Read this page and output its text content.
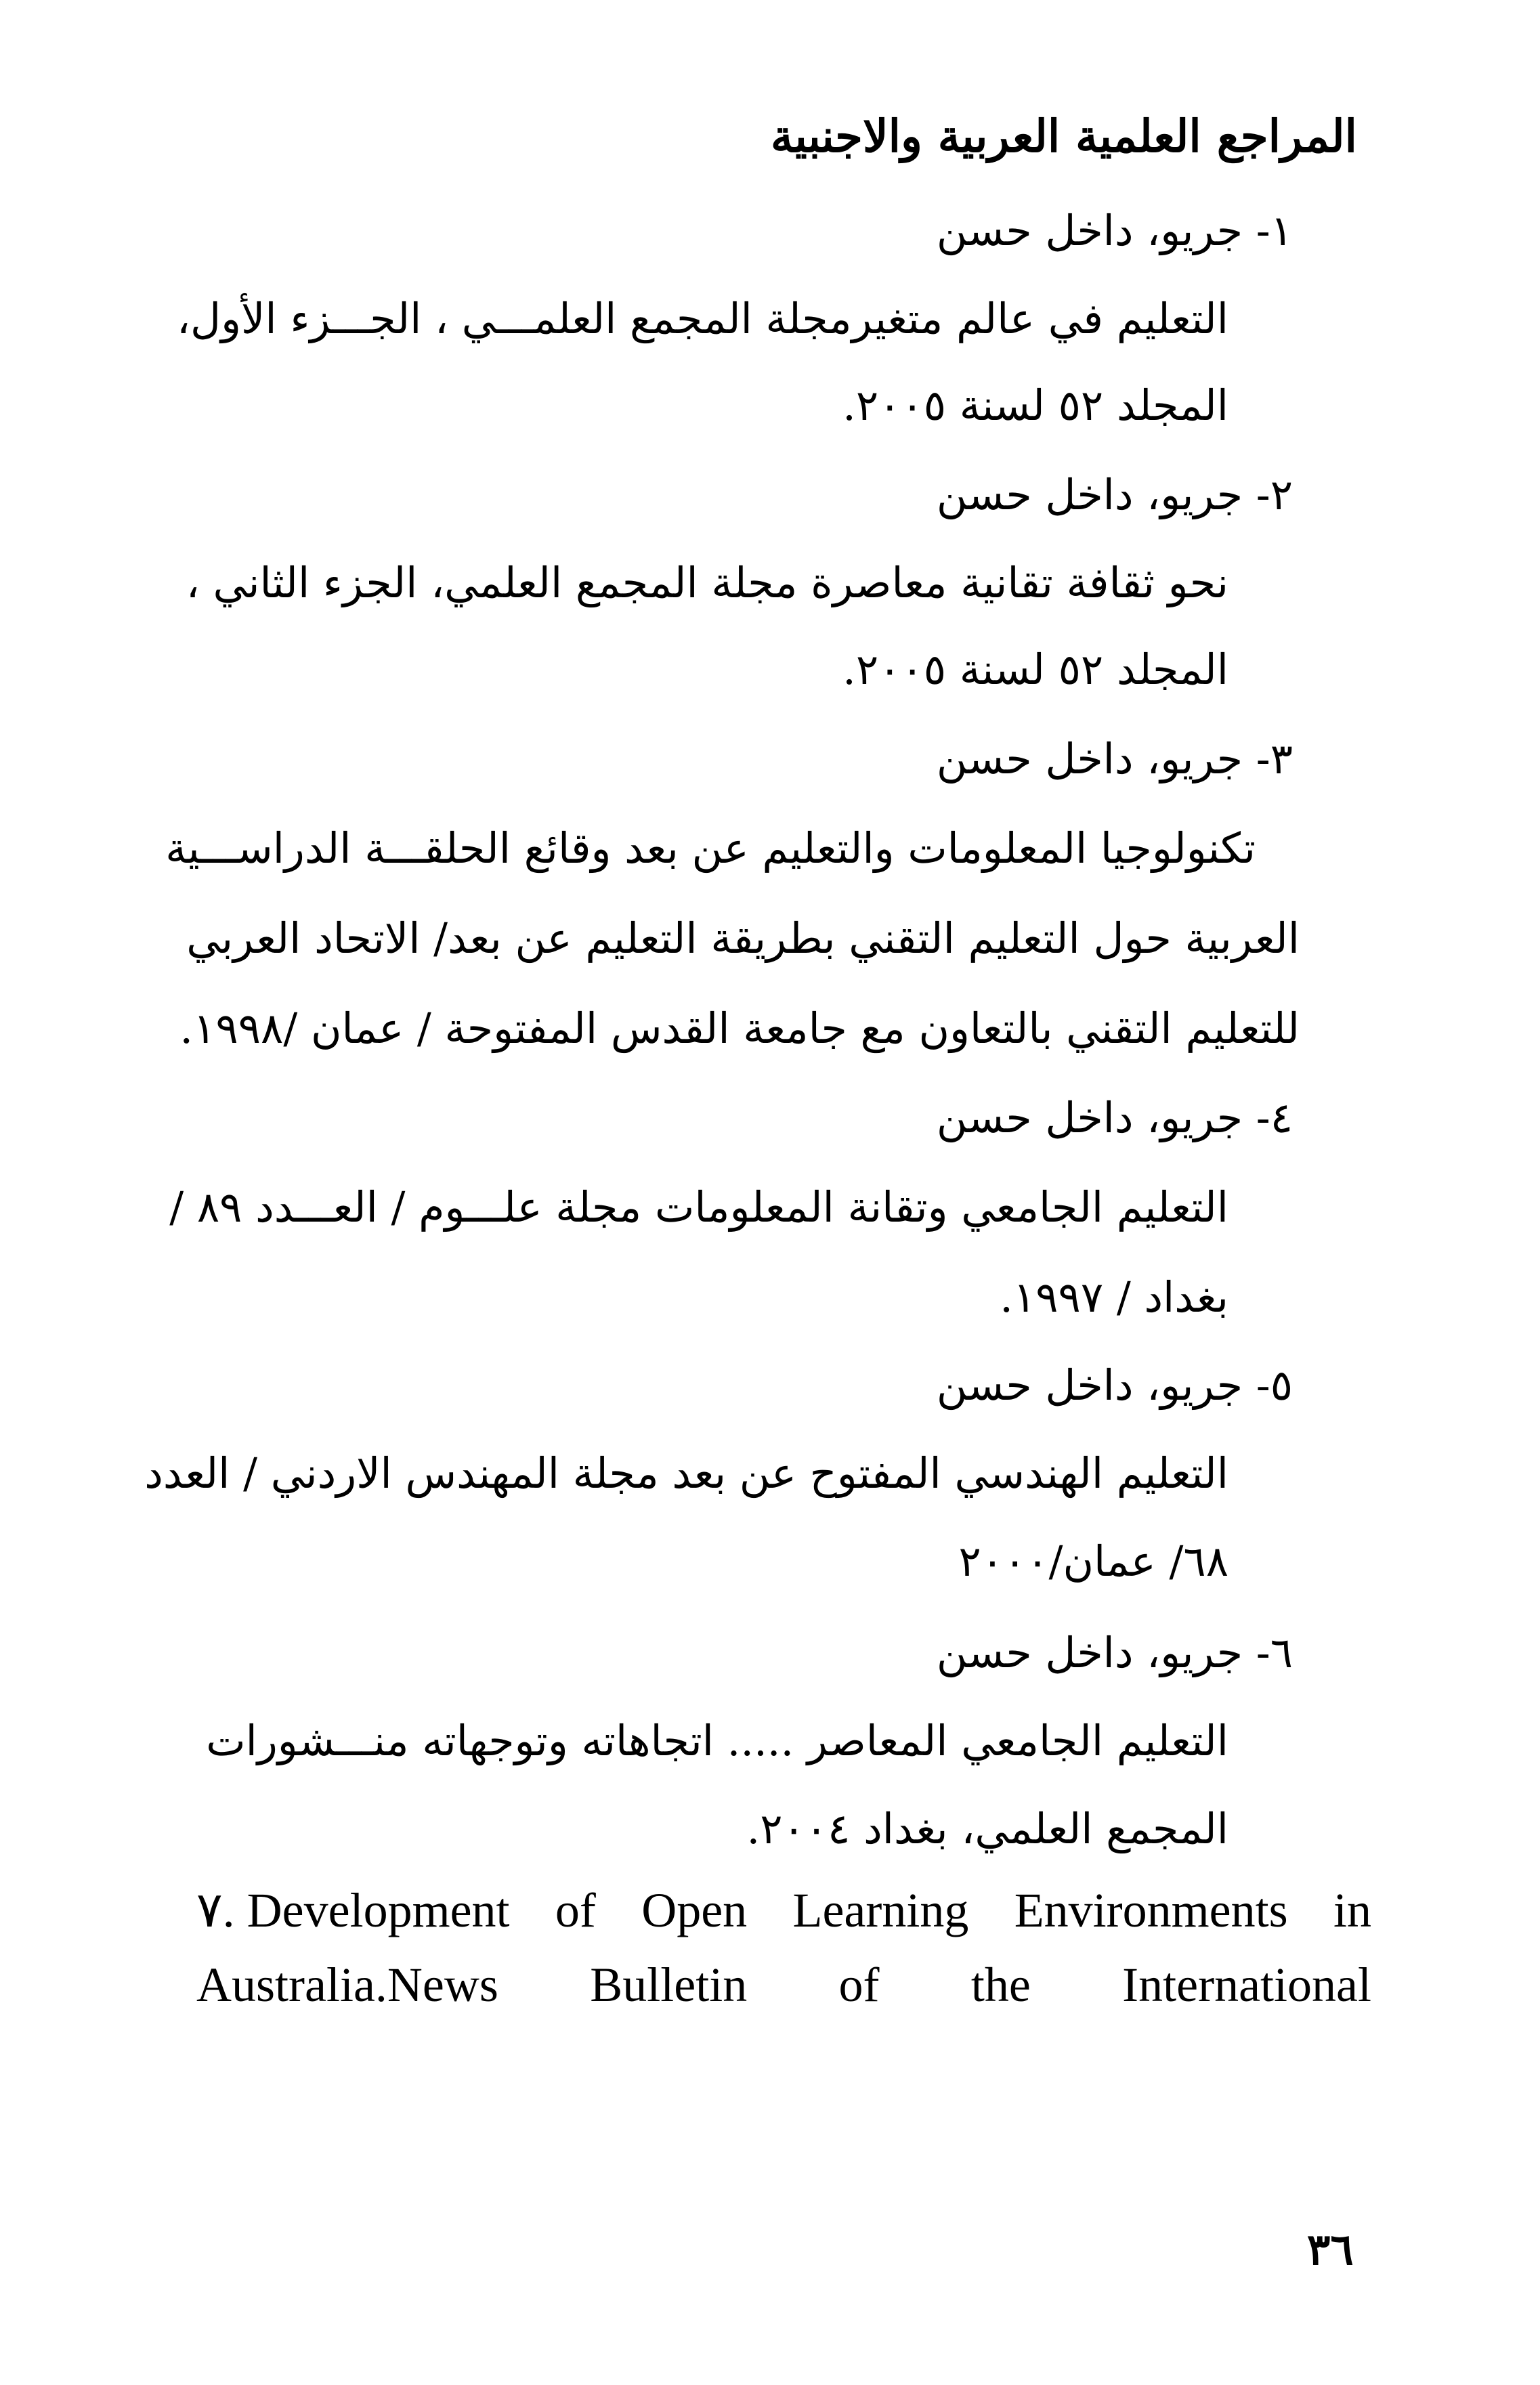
المراجع العلمية العربية والاجنبية
١- جريو، داخل حسن
التعليم في عالم متغيرمجلة المجمع العلمـــي ، الجـــزء الأول،
المجلد ٥٢ لسنة ٢٠٠٥.
٢- جريو، داخل حسن
نحو ثقافة تقانية معاصرة مجلة المجمع العلمي، الجزء الثاني ،
المجلد ٥٢ لسنة ٢٠٠٥.
٣- جريو، داخل حسن
تكنولوجيا المعلومات والتعليم عن بعد وقائع الحلقـــة الدراســـية
العربية حول التعليم التقني بطريقة التعليم عن بعد/ الاتحاد العربي
للتعليم التقني بالتعاون مع جامعة القدس المفتوحة / عمان /١٩٩٨.
٤- جريو، داخل حسن
التعليم الجامعي وتقانة المعلومات مجلة علـــوم / العـــدد ٨٩ /
بغداد / ١٩٩٧.
٥- جريو، داخل حسن
التعليم الهندسي المفتوح عن بعد مجلة المهندس الاردني / العدد
٦٨/ عمان/٢٠٠٠
٦- جريو، داخل حسن
التعليم الجامعي المعاصر ..... اتجاهاته وتوجهاته منـــشورات
المجمع العلمي، بغداد ٢٠٠٤.
٧. Development of Open Learning Environments in
Australia.News Bulletin of the International
٣٦
